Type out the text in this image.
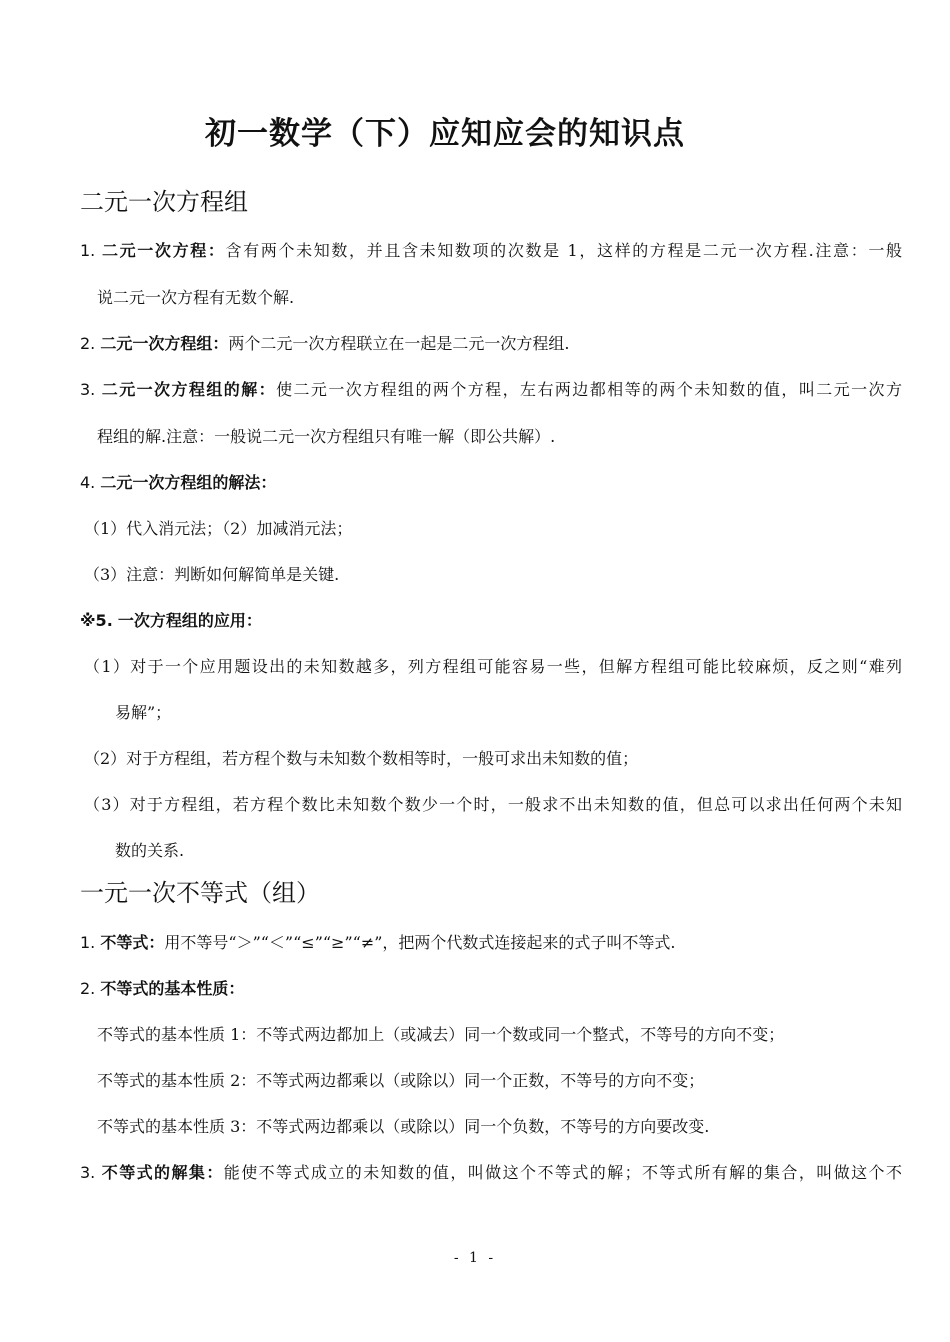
初一数学（下）应知应会的知识点
二元一次方程组
1. 二元一次方程：含有两个未知数，并且含未知数项的次数是 1，这样的方程是二元一次方程.注意：一般
说二元一次方程有无数个解.
2. 二元一次方程组：两个二元一次方程联立在一起是二元一次方程组.
3. 二元一次方程组的解：使二元一次方程组的两个方程，左右两边都相等的两个未知数的值，叫二元一次方
程组的解.注意：一般说二元一次方程组只有唯一解（即公共解）.
4. 二元一次方程组的解法：
（1）代入消元法；（2）加减消元法；
（3）注意：判断如何解简单是关键.
※5. 一次方程组的应用：
（1）对于一个应用题设出的未知数越多，列方程组可能容易一些，但解方程组可能比较麻烦，反之则“难列
易解”；
（2）对于方程组，若方程个数与未知数个数相等时，一般可求出未知数的值；
（3）对于方程组，若方程个数比未知数个数少一个时，一般求不出未知数的值，但总可以求出任何两个未知
数的关系.
一元一次不等式（组）
1. 不等式：用不等号“＞”“＜”“≤”“≥”“≠”，把两个代数式连接起来的式子叫不等式.
2. 不等式的基本性质：
不等式的基本性质 1：不等式两边都加上（或减去）同一个数或同一个整式，不等号的方向不变；
不等式的基本性质 2：不等式两边都乘以（或除以）同一个正数，不等号的方向不变；
不等式的基本性质 3：不等式两边都乘以（或除以）同一个负数，不等号的方向要改变.
3. 不等式的解集：能使不等式成立的未知数的值，叫做这个不等式的解；不等式所有解的集合，叫做这个不
- 1 -
